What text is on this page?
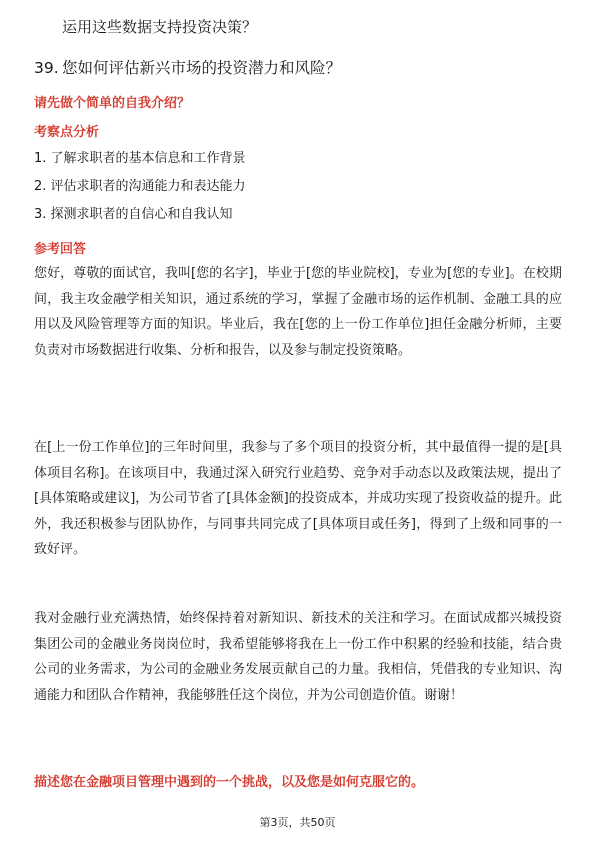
运用这些数据支持投资决策？
39. 您如何评估新兴市场的投资潜力和风险？
请先做个简单的自我介绍？
考察点分析
1. 了解求职者的基本信息和工作背景
2. 评估求职者的沟通能力和表达能力
3. 探测求职者的自信心和自我认知
参考回答

您好，尊敬的面试官，我叫[您的名字]，毕业于[您的毕业院校]，专业为[您的专业]。在校期间，我主攻金融学相关知识，通过系统的学习，掌握了金融市场的运作机制、金融工具的应用以及风险管理等方面的知识。毕业后，我在[您的上一份工作单位]担任金融分析师，主要负责对市场数据进行收集、分析和报告，以及参与制定投资策略。

在[上一份工作单位]的三年时间里，我参与了多个项目的投资分析，其中最值得一提的是[具体项目名称]。在该项目中，我通过深入研究行业趋势、竞争对手动态以及政策法规，提出了[具体策略或建议]，为公司节省了[具体金额]的投资成本，并成功实现了投资收益的提升。此外，我还积极参与团队协作，与同事共同完成了[具体项目或任务]，得到了上级和同事的一致好评。

我对金融行业充满热情，始终保持着对新知识、新技术的关注和学习。在面试成都兴城投资集团公司的金融业务岗岗位时，我希望能够将我在上一份工作中积累的经验和技能，结合贵公司的业务需求，为公司的金融业务发展贡献自己的力量。我相信，凭借我的专业知识、沟通能力和团队合作精神，我能够胜任这个岗位，并为公司创造价值。谢谢！

描述您在金融项目管理中遇到的一个挑战，以及您是如何克服它的。
第3页，共50页
